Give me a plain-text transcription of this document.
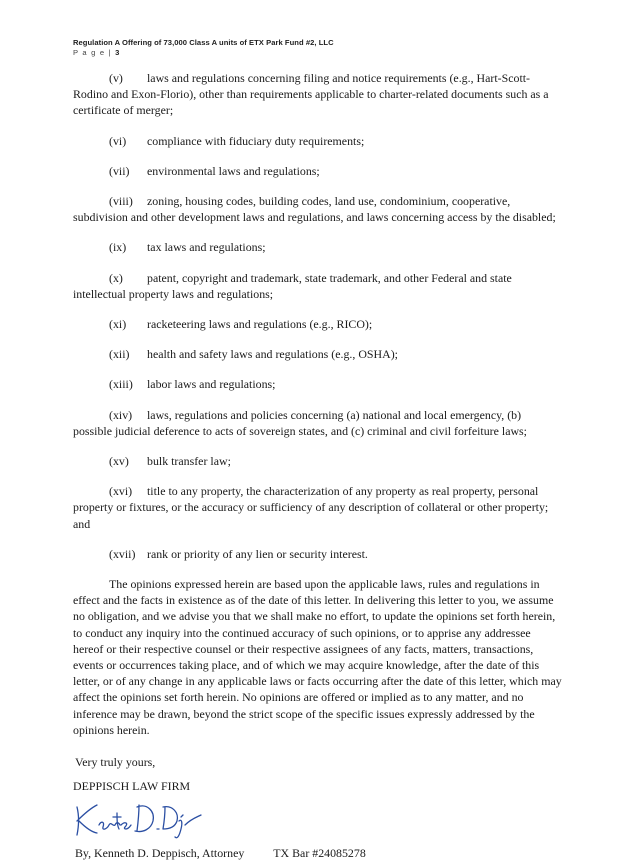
Regulation A Offering of 73,000 Class A units of ETX Park Fund #2, LLC
P a g e | 3

(v) laws and regulations concerning filing and notice requirements (e.g., Hart-Scott-Rodino and Exon-Florio), other than requirements applicable to charter-related documents such as a certificate of merger;

(vi) compliance with fiduciary duty requirements;

(vii) environmental laws and regulations;

(viii) zoning, housing codes, building codes, land use, condominium, cooperative, subdivision and other development laws and regulations, and laws concerning access by the disabled;

(ix) tax laws and regulations;

(x) patent, copyright and trademark, state trademark, and other Federal and state intellectual property laws and regulations;

(xi) racketeering laws and regulations (e.g., RICO);

(xii) health and safety laws and regulations (e.g., OSHA);

(xiii) labor laws and regulations;

(xiv) laws, regulations and policies concerning (a) national and local emergency, (b) possible judicial deference to acts of sovereign states, and (c) criminal and civil forfeiture laws;

(xv) bulk transfer law;

(xvi) title to any property, the characterization of any property as real property, personal property or fixtures, or the accuracy or sufficiency of any description of collateral or other property; and

(xvii) rank or priority of any lien or security interest.

The opinions expressed herein are based upon the applicable laws, rules and regulations in effect and the facts in existence as of the date of this letter. In delivering this letter to you, we assume no obligation, and we advise you that we shall make no effort, to update the opinions set forth herein, to conduct any inquiry into the continued accuracy of such opinions, or to apprise any addressee hereof or their respective counsel or their respective assignees of any facts, matters, transactions, events or occurrences taking place, and of which we may acquire knowledge, after the date of this letter, or of any change in any applicable laws or facts occurring after the date of this letter, which may affect the opinions set forth herein. No opinions are offered or implied as to any matter, and no inference may be drawn, beyond the strict scope of the specific issues expressly addressed by the opinions herein.

Very truly yours,
DEPPISCH LAW FIRM
By, Kenneth D. Deppisch, Attorney TX Bar #24085278
